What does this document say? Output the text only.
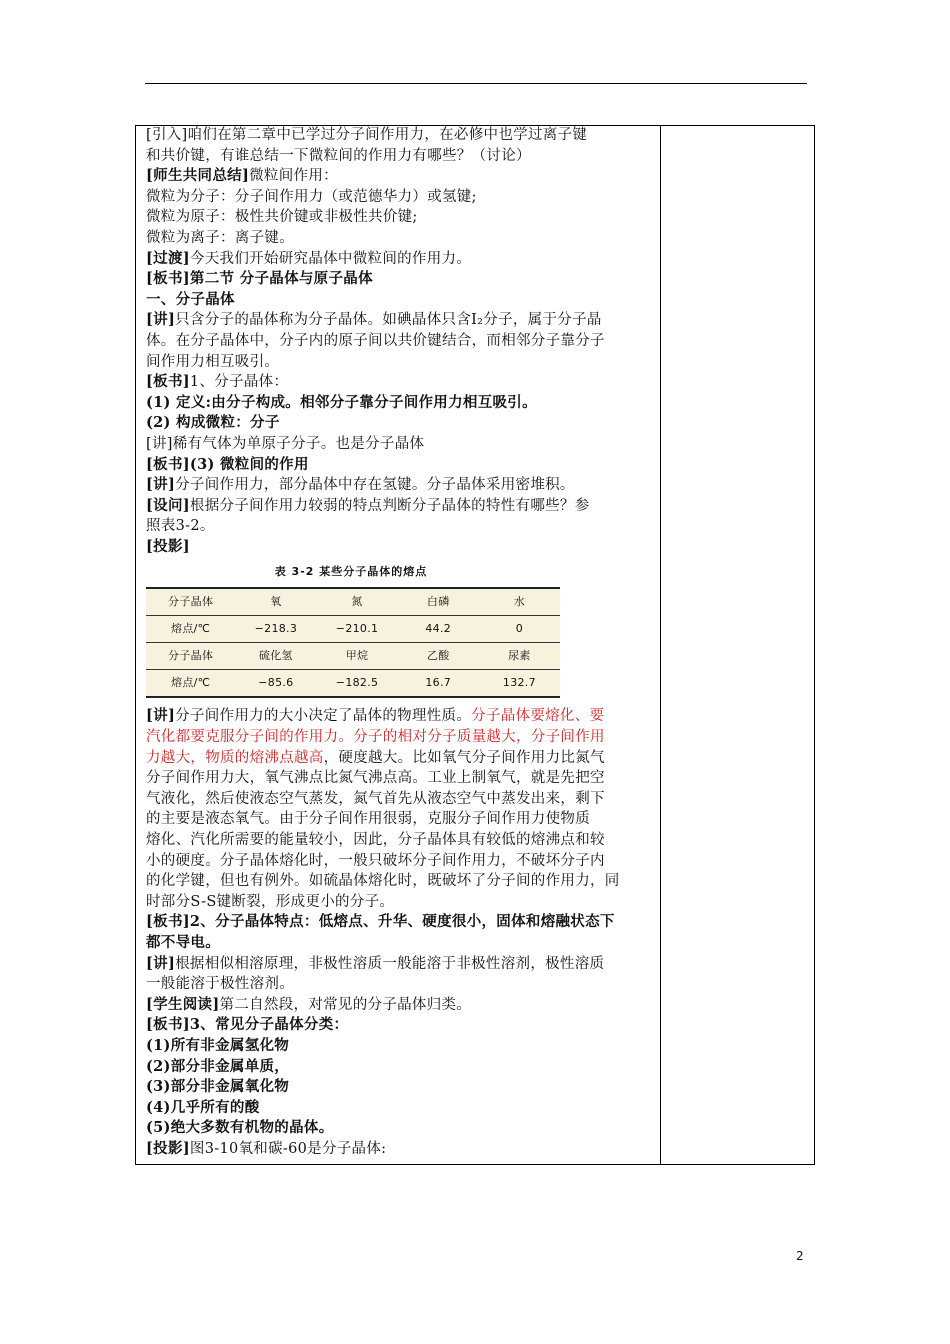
[引入]咱们在第二章中已学过分子间作用力，在必修中也学过离子键

和共价键，有谁总结一下微粒间的作用力有哪些？（讨论）

[师生共同总结]微粒间作用：

微粒为分子：分子间作用力（或范德华力）或氢键;

微粒为原子：极性共价键或非极性共价键;

微粒为离子：离子键。

[过渡]今天我们开始研究晶体中微粒间的作用力。

[板书]第二节 分子晶体与原子晶体

一、分子晶体

[讲]只含分子的晶体称为分子晶体。如碘晶体只含I₂分子，属于分子晶

体。在分子晶体中，分子内的原子间以共价键结合，而相邻分子靠分子

间作用力相互吸引。

[板书]1、分子晶体：

(1) 定义:由分子构成。相邻分子靠分子间作用力相互吸引。

(2) 构成微粒：分子

[讲]稀有气体为单原子分子。也是分子晶体

[板书](3) 微粒间的作用

[讲]分子间作用力，部分晶体中存在氢键。分子晶体采用密堆积。

[设问]根据分子间作用力较弱的特点判断分子晶体的特性有哪些？参

照表3-2。

[投影]

表 3-2 某些分子晶体的熔点
分子晶体	氧	氮	白磷	水
熔点/℃	−218.3	−210.1	44.2	0
分子晶体	硫化氢	甲烷	乙酸	尿素
熔点/℃	−85.6	−182.5	16.7	132.7

[讲]分子间作用力的大小决定了晶体的物理性质。分子晶体要熔化、要

汽化都要克服分子间的作用力。分子的相对分子质量越大，分子间作用

力越大，物质的熔沸点越高，硬度越大。比如氧气分子间作用力比氮气

分子间作用力大，氧气沸点比氮气沸点高。工业上制氧气，就是先把空

气液化，然后使液态空气蒸发，氮气首先从液态空气中蒸发出来，剩下

的主要是液态氧气。由于分子间作用很弱，克服分子间作用力使物质

熔化、汽化所需要的能量较小，因此，分子晶体具有较低的熔沸点和较

小的硬度。分子晶体熔化时，一般只破坏分子间作用力，不破坏分子内

的化学键，但也有例外。如硫晶体熔化时，既破坏了分子间的作用力，同

时部分S-S键断裂，形成更小的分子。

[板书]2、分子晶体特点：低熔点、升华、硬度很小，固体和熔融状态下

都不导电。

[讲]根据相似相溶原理，非极性溶质一般能溶于非极性溶剂，极性溶质

一般能溶于极性溶剂。

[学生阅读]第二自然段，对常见的分子晶体归类。

[板书]3、常见分子晶体分类：

(1)所有非金属氢化物

(2)部分非金属单质，

(3)部分非金属氧化物

(4)几乎所有的酸

(5)绝大多数有机物的晶体。

[投影]图3-10氧和碳-60是分子晶体:

2
